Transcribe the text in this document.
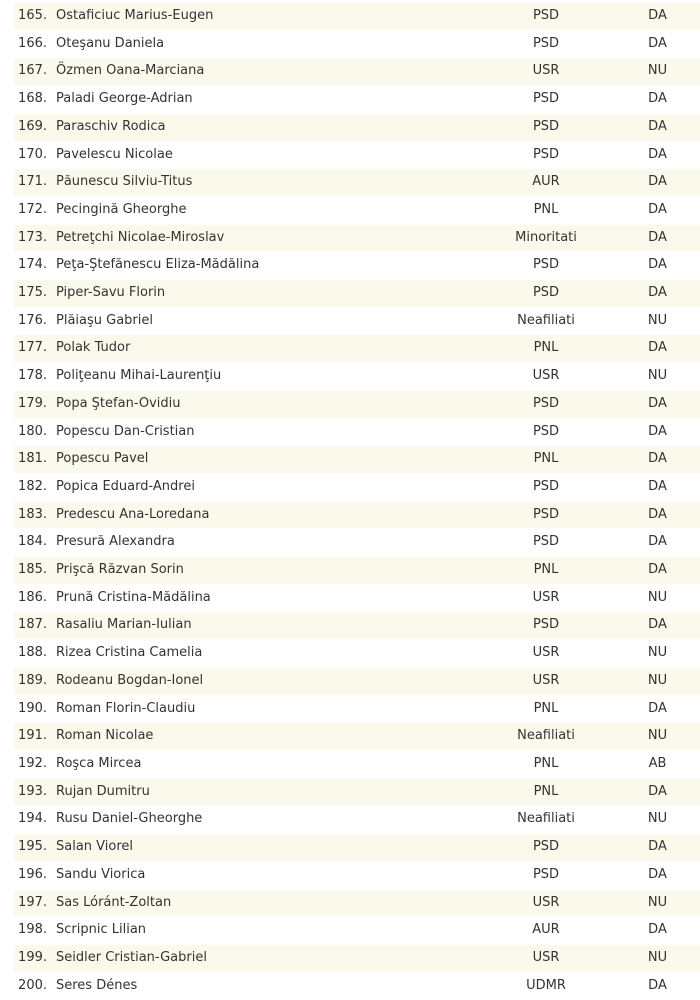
165.	Ostaficiuc Marius-Eugen	PSD	DA
166.	Oteşanu Daniela	PSD	DA
167.	Özmen Oana-Marciana	USR	NU
168.	Paladi George-Adrian	PSD	DA
169.	Paraschiv Rodica	PSD	DA
170.	Pavelescu Nicolae	PSD	DA
171.	Păunescu Silviu-Titus	AUR	DA
172.	Pecingină Gheorghe	PNL	DA
173.	Petreţchi Nicolae-Miroslav	Minoritati	DA
174.	Peţa-Ştefănescu Eliza-Mădălina	PSD	DA
175.	Piper-Savu Florin	PSD	DA
176.	Plăiaşu Gabriel	Neafiliati	NU
177.	Polak Tudor	PNL	DA
178.	Poliţeanu Mihai-Laurenţiu	USR	NU
179.	Popa Ştefan-Ovidiu	PSD	DA
180.	Popescu Dan-Cristian	PSD	DA
181.	Popescu Pavel	PNL	DA
182.	Popica Eduard-Andrei	PSD	DA
183.	Predescu Ana-Loredana	PSD	DA
184.	Presură Alexandra	PSD	DA
185.	Prişcă Răzvan Sorin	PNL	DA
186.	Prună Cristina-Mădălina	USR	NU
187.	Rasaliu Marian-Iulian	PSD	DA
188.	Rizea Cristina Camelia	USR	NU
189.	Rodeanu Bogdan-Ionel	USR	NU
190.	Roman Florin-Claudiu	PNL	DA
191.	Roman Nicolae	Neafiliati	NU
192.	Roşca Mircea	PNL	AB
193.	Rujan Dumitru	PNL	DA
194.	Rusu Daniel-Gheorghe	Neafiliati	NU
195.	Salan Viorel	PSD	DA
196.	Sandu Viorica	PSD	DA
197.	Sas Lóránt-Zoltan	USR	NU
198.	Scripnic Lilian	AUR	DA
199.	Seidler Cristian-Gabriel	USR	NU
200.	Seres Dénes	UDMR	DA
